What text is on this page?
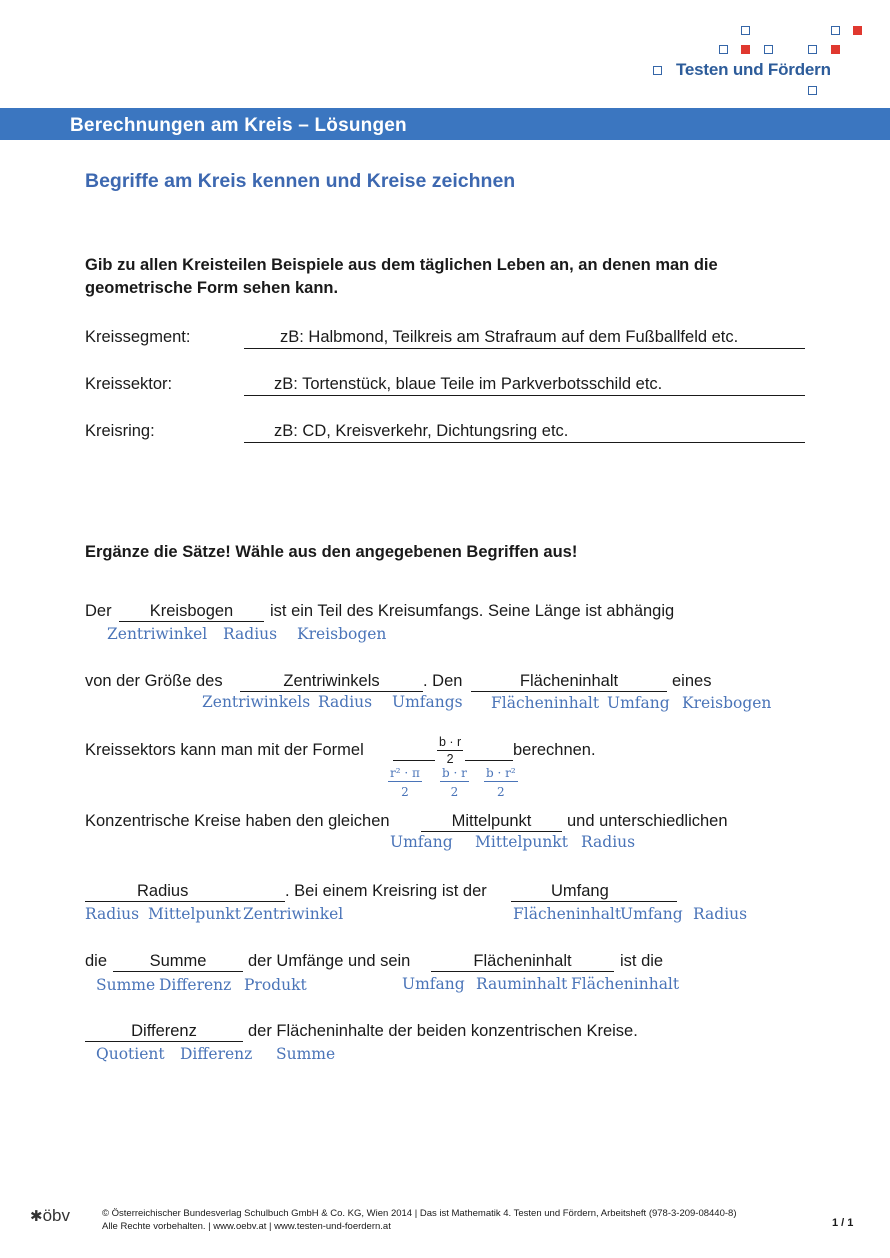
Testen und Fördern
Berechnungen am Kreis – Lösungen
Begriffe am Kreis kennen und Kreise zeichnen
Gib zu allen Kreisteilen Beispiele aus dem täglichen Leben an, an denen man die
geometrische Form sehen kann.
Kreissegment:	zB: Halbmond, Teilkreis am Strafraum auf dem Fußballfeld etc.
Kreissektor:	zB: Tortenstück, blaue Teile im Parkverbotsschild etc.
Kreisring:	zB: CD, Kreisverkehr, Dichtungsring etc.
Ergänze die Sätze! Wähle aus den angegebenen Begriffen aus!
Der	Kreisbogen	ist ein Teil des Kreisumfangs. Seine Länge ist abhängig
Zentriwinkel Radius Kreisbogen
von der Größe des	Zentriwinkels	. Den	Flächeninhalt	eines
Zentriwinkels Radius Umfangs Flächeninhalt Umfang Kreisbogen
Kreissektors kann man mit der Formel
	$\frac{b \cdot r}{2}$	berechnen.
$\frac{\text{r² · π}}{2} \frac{b \cdot r}{2} \frac{\text{b · r²}}{2}$
Konzentrische Kreise haben den gleichen	Mittelpunkt	und unterschiedlichen
Umfang Mittelpunkt Radius
Radius	. Bei einem Kreisring ist der	Umfang
Radius Mittelpunkt Zentriwinkel	Flächeninhalt
Umfang Radius
die	Summe	der Umfänge und sein	Flächeninhalt	ist die
Summe Differenz Produkt	Umfang Rauminhalt Flächeninhalt
Differenz	der Flächeninhalte der beiden konzentrischen Kreise.
Quotient Differenz Summe
✱öbv	© Österreichischer Bundesverlag Schulbuch GmbH & Co. KG, Wien 2014 | Das ist Mathematik 4. Testen und Fördern, Arbeitsheft (978-3-209-08440-8)
Alle Rechte vorbehalten. | www.oebv.at | www.testen-und-foerdern.at	1 / 1
